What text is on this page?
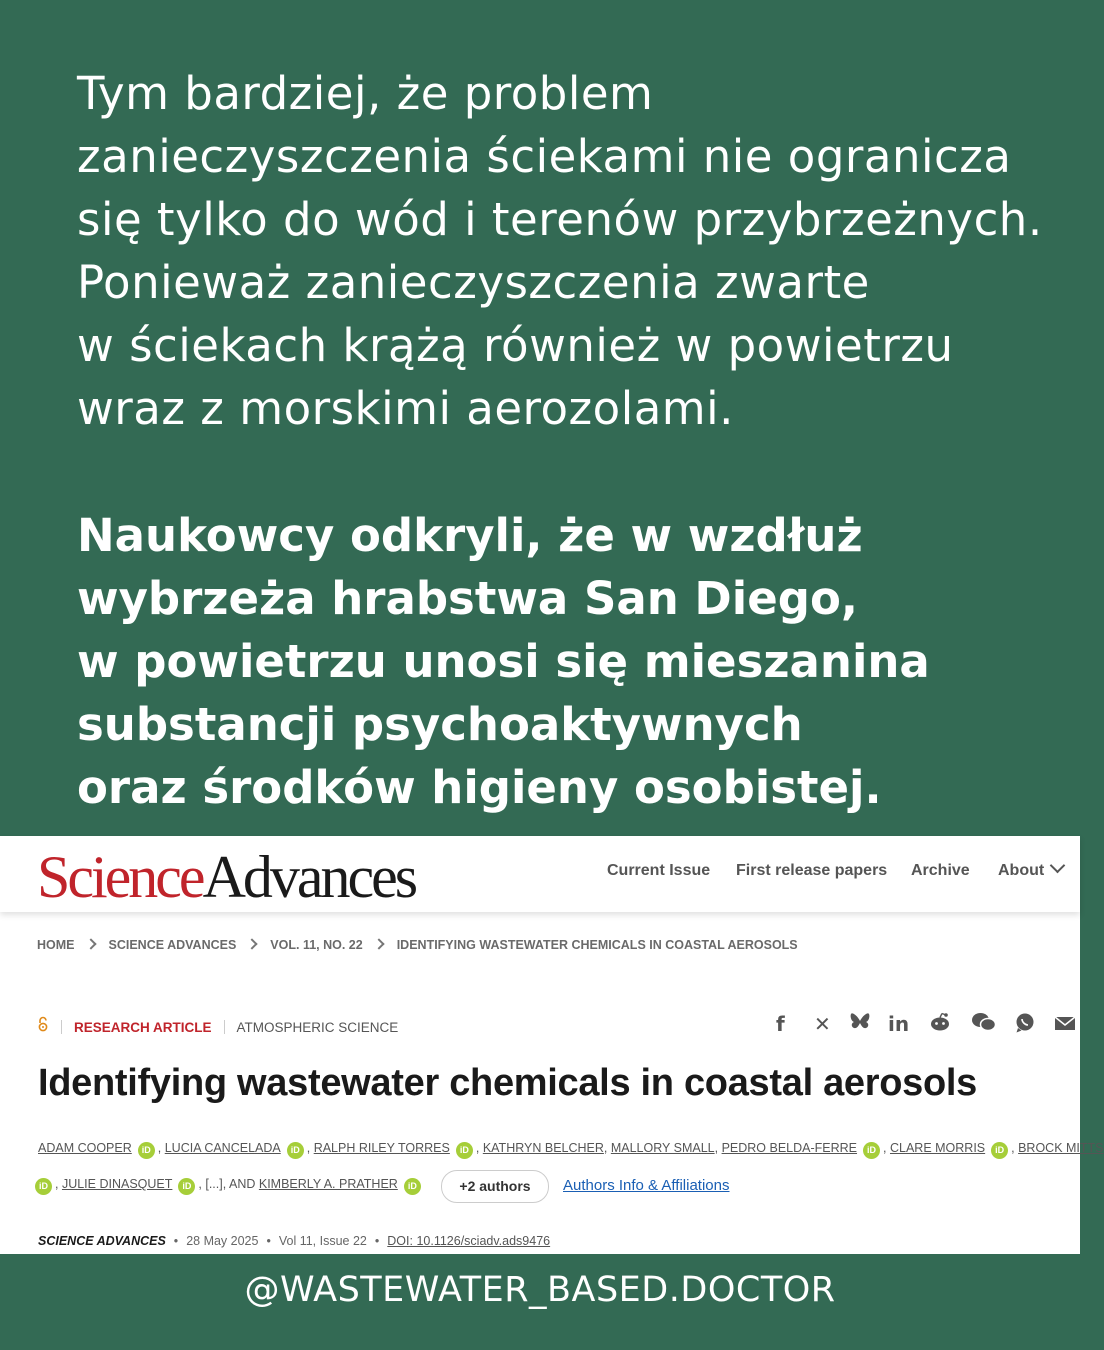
Tym bardziej, że problem
zanieczyszczenia ściekami nie ogranicza
się tylko do wód i terenów przybrzeżnych.
Ponieważ zanieczyszczenia zwarte
w ściekach krążą również w powietrzu
wraz z morskimi aerozolami.
Naukowcy odkryli, że w wzdłuż
wybrzeża hrabstwa San Diego,
w powietrzu unosi się mieszanina
substancji psychoaktywnych
oraz środków higieny osobistej.
ScienceAdvances	Current Issue First release papers Archive About
HOME	SCIENCE ADVANCES	VOL. 11, NO. 22	IDENTIFYING WASTEWATER CHEMICALS IN COASTAL AEROSOLS
RESEARCH ARTICLE ATMOSPHERIC SCIENCE	f ✕	in
Identifying wastewater chemicals in coastal aerosols
ADAM COOPER iD , LUCIA CANCELADA iD , RALPH RILEY TORRES iD , KATHRYN BELCHER, MALLORY SMALL, PEDRO BELDA-FERRE iD , CLARE MORRIS iD , BROCK MITTS
iD , JULIE DINASQUET iD , [...], AND KIMBERLY A. PRATHER iD	+2 authors	Authors Info & Affiliations
SCIENCE ADVANCES • 28 May 2025 • Vol 11, Issue 22 • DOI: 10.1126/sciadv.ads9476
@WASTEWATER_BASED.DOCTOR
